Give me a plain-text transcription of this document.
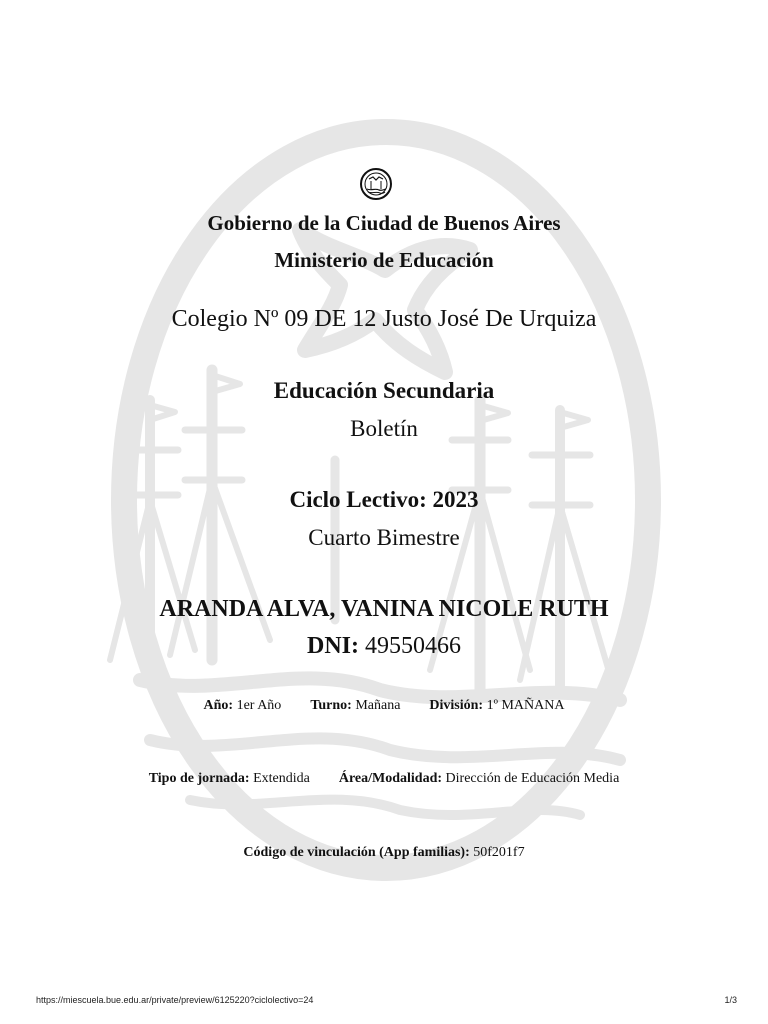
Gobierno de la Ciudad de Buenos Aires
Ministerio de Educación
Colegio Nº 09 DE 12 Justo José De Urquiza
Educación Secundaria
Boletín
Ciclo Lectivo: 2023
Cuarto Bimestre
ARANDA ALVA, VANINA NICOLE RUTH
DNI: 49550466
Año: 1er Año Turno: Mañana División: 1º MAÑANA
Tipo de jornada: Extendida Área/Modalidad: Dirección de Educación Media
Código de vinculación (App familias): 50f201f7
https://miescuela.bue.edu.ar/private/preview/6125220?ciclolectivo=24	1/3
